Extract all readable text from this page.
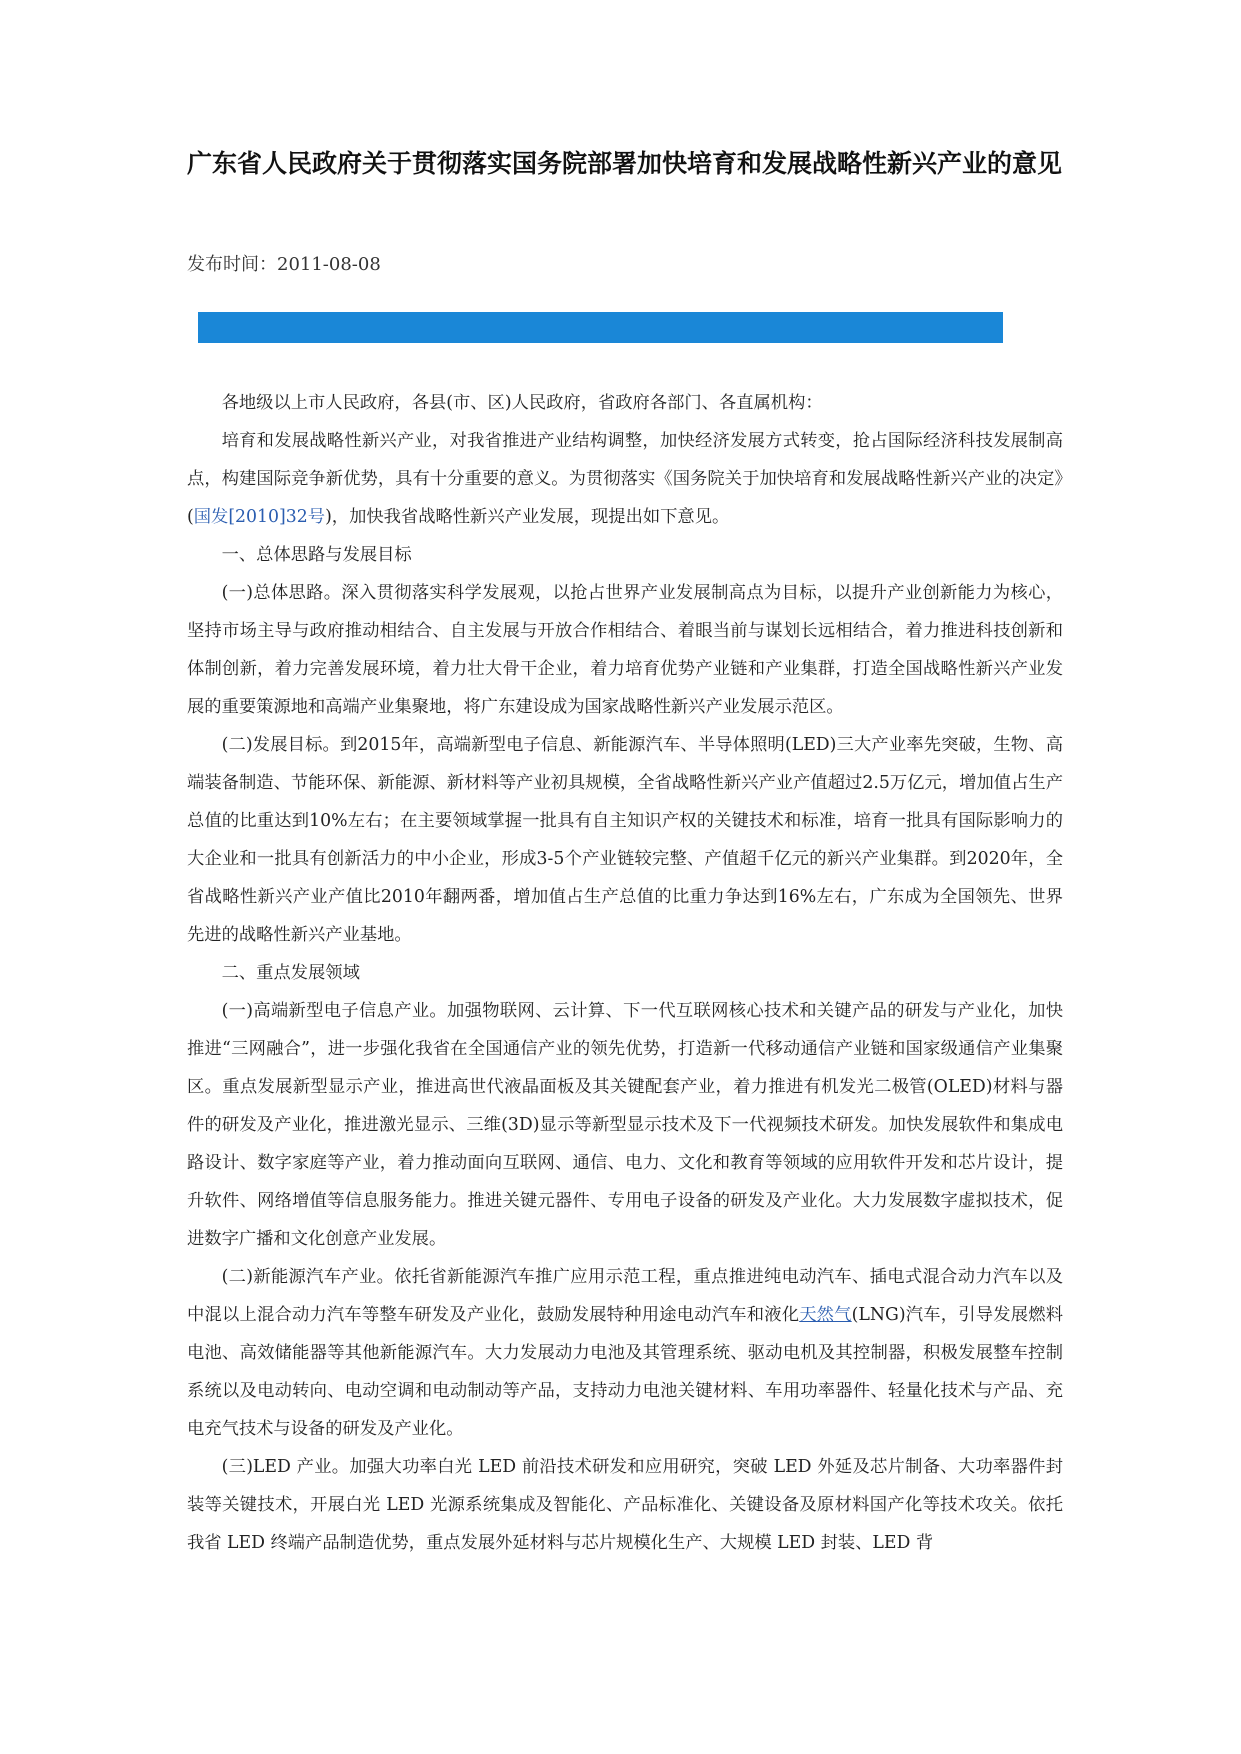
广东省人民政府关于贯彻落实国务院部署加快培育和发展战略性新兴产业的意见
发布时间：2011-08-08

各地级以上市人民政府，各县(市、区)人民政府，省政府各部门、各直属机构：

培育和发展战略性新兴产业，对我省推进产业结构调整，加快经济发展方式转变，抢占国际经济科技发展制高点，构建国际竞争新优势，具有十分重要的意义。为贯彻落实《国务院关于加快培育和发展战略性新兴产业的决定》(国发[2010]32号)，加快我省战略性新兴产业发展，现提出如下意见。

一、总体思路与发展目标

(一)总体思路。深入贯彻落实科学发展观，以抢占世界产业发展制高点为目标，以提升产业创新能力为核心，坚持市场主导与政府推动相结合、自主发展与开放合作相结合、着眼当前与谋划长远相结合，着力推进科技创新和体制创新，着力完善发展环境，着力壮大骨干企业，着力培育优势产业链和产业集群，打造全国战略性新兴产业发展的重要策源地和高端产业集聚地，将广东建设成为国家战略性新兴产业发展示范区。

(二)发展目标。到2015年，高端新型电子信息、新能源汽车、半导体照明(LED)三大产业率先突破，生物、高端装备制造、节能环保、新能源、新材料等产业初具规模，全省战略性新兴产业产值超过2.5万亿元，增加值占生产总值的比重达到10%左右；在主要领域掌握一批具有自主知识产权的关键技术和标准，培育一批具有国际影响力的大企业和一批具有创新活力的中小企业，形成3-5个产业链较完整、产值超千亿元的新兴产业集群。到2020年，全省战略性新兴产业产值比2010年翻两番，增加值占生产总值的比重力争达到16%左右，广东成为全国领先、世界先进的战略性新兴产业基地。

二、重点发展领域

(一)高端新型电子信息产业。加强物联网、云计算、下一代互联网核心技术和关键产品的研发与产业化，加快推进“三网融合”，进一步强化我省在全国通信产业的领先优势，打造新一代移动通信产业链和国家级通信产业集聚区。重点发展新型显示产业，推进高世代液晶面板及其关键配套产业，着力推进有机发光二极管(OLED)材料与器件的研发及产业化，推进激光显示、三维(3D)显示等新型显示技术及下一代视频技术研发。加快发展软件和集成电路设计、数字家庭等产业，着力推动面向互联网、通信、电力、文化和教育等领域的应用软件开发和芯片设计，提升软件、网络增值等信息服务能力。推进关键元器件、专用电子设备的研发及产业化。大力发展数字虚拟技术，促进数字广播和文化创意产业发展。

(二)新能源汽车产业。依托省新能源汽车推广应用示范工程，重点推进纯电动汽车、插电式混合动力汽车以及中混以上混合动力汽车等整车研发及产业化，鼓励发展特种用途电动汽车和液化天然气(LNG)汽车，引导发展燃料电池、高效储能器等其他新能源汽车。大力发展动力电池及其管理系统、驱动电机及其控制器，积极发展整车控制系统以及电动转向、电动空调和电动制动等产品，支持动力电池关键材料、车用功率器件、轻量化技术与产品、充电充气技术与设备的研发及产业化。

(三)LED 产业。加强大功率白光 LED 前沿技术研发和应用研究，突破 LED 外延及芯片制备、大功率器件封装等关键技术，开展白光 LED 光源系统集成及智能化、产品标准化、关键设备及原材料国产化等技术攻关。依托我省 LED 终端产品制造优势，重点发展外延材料与芯片规模化生产、大规模 LED 封装、LED 背
